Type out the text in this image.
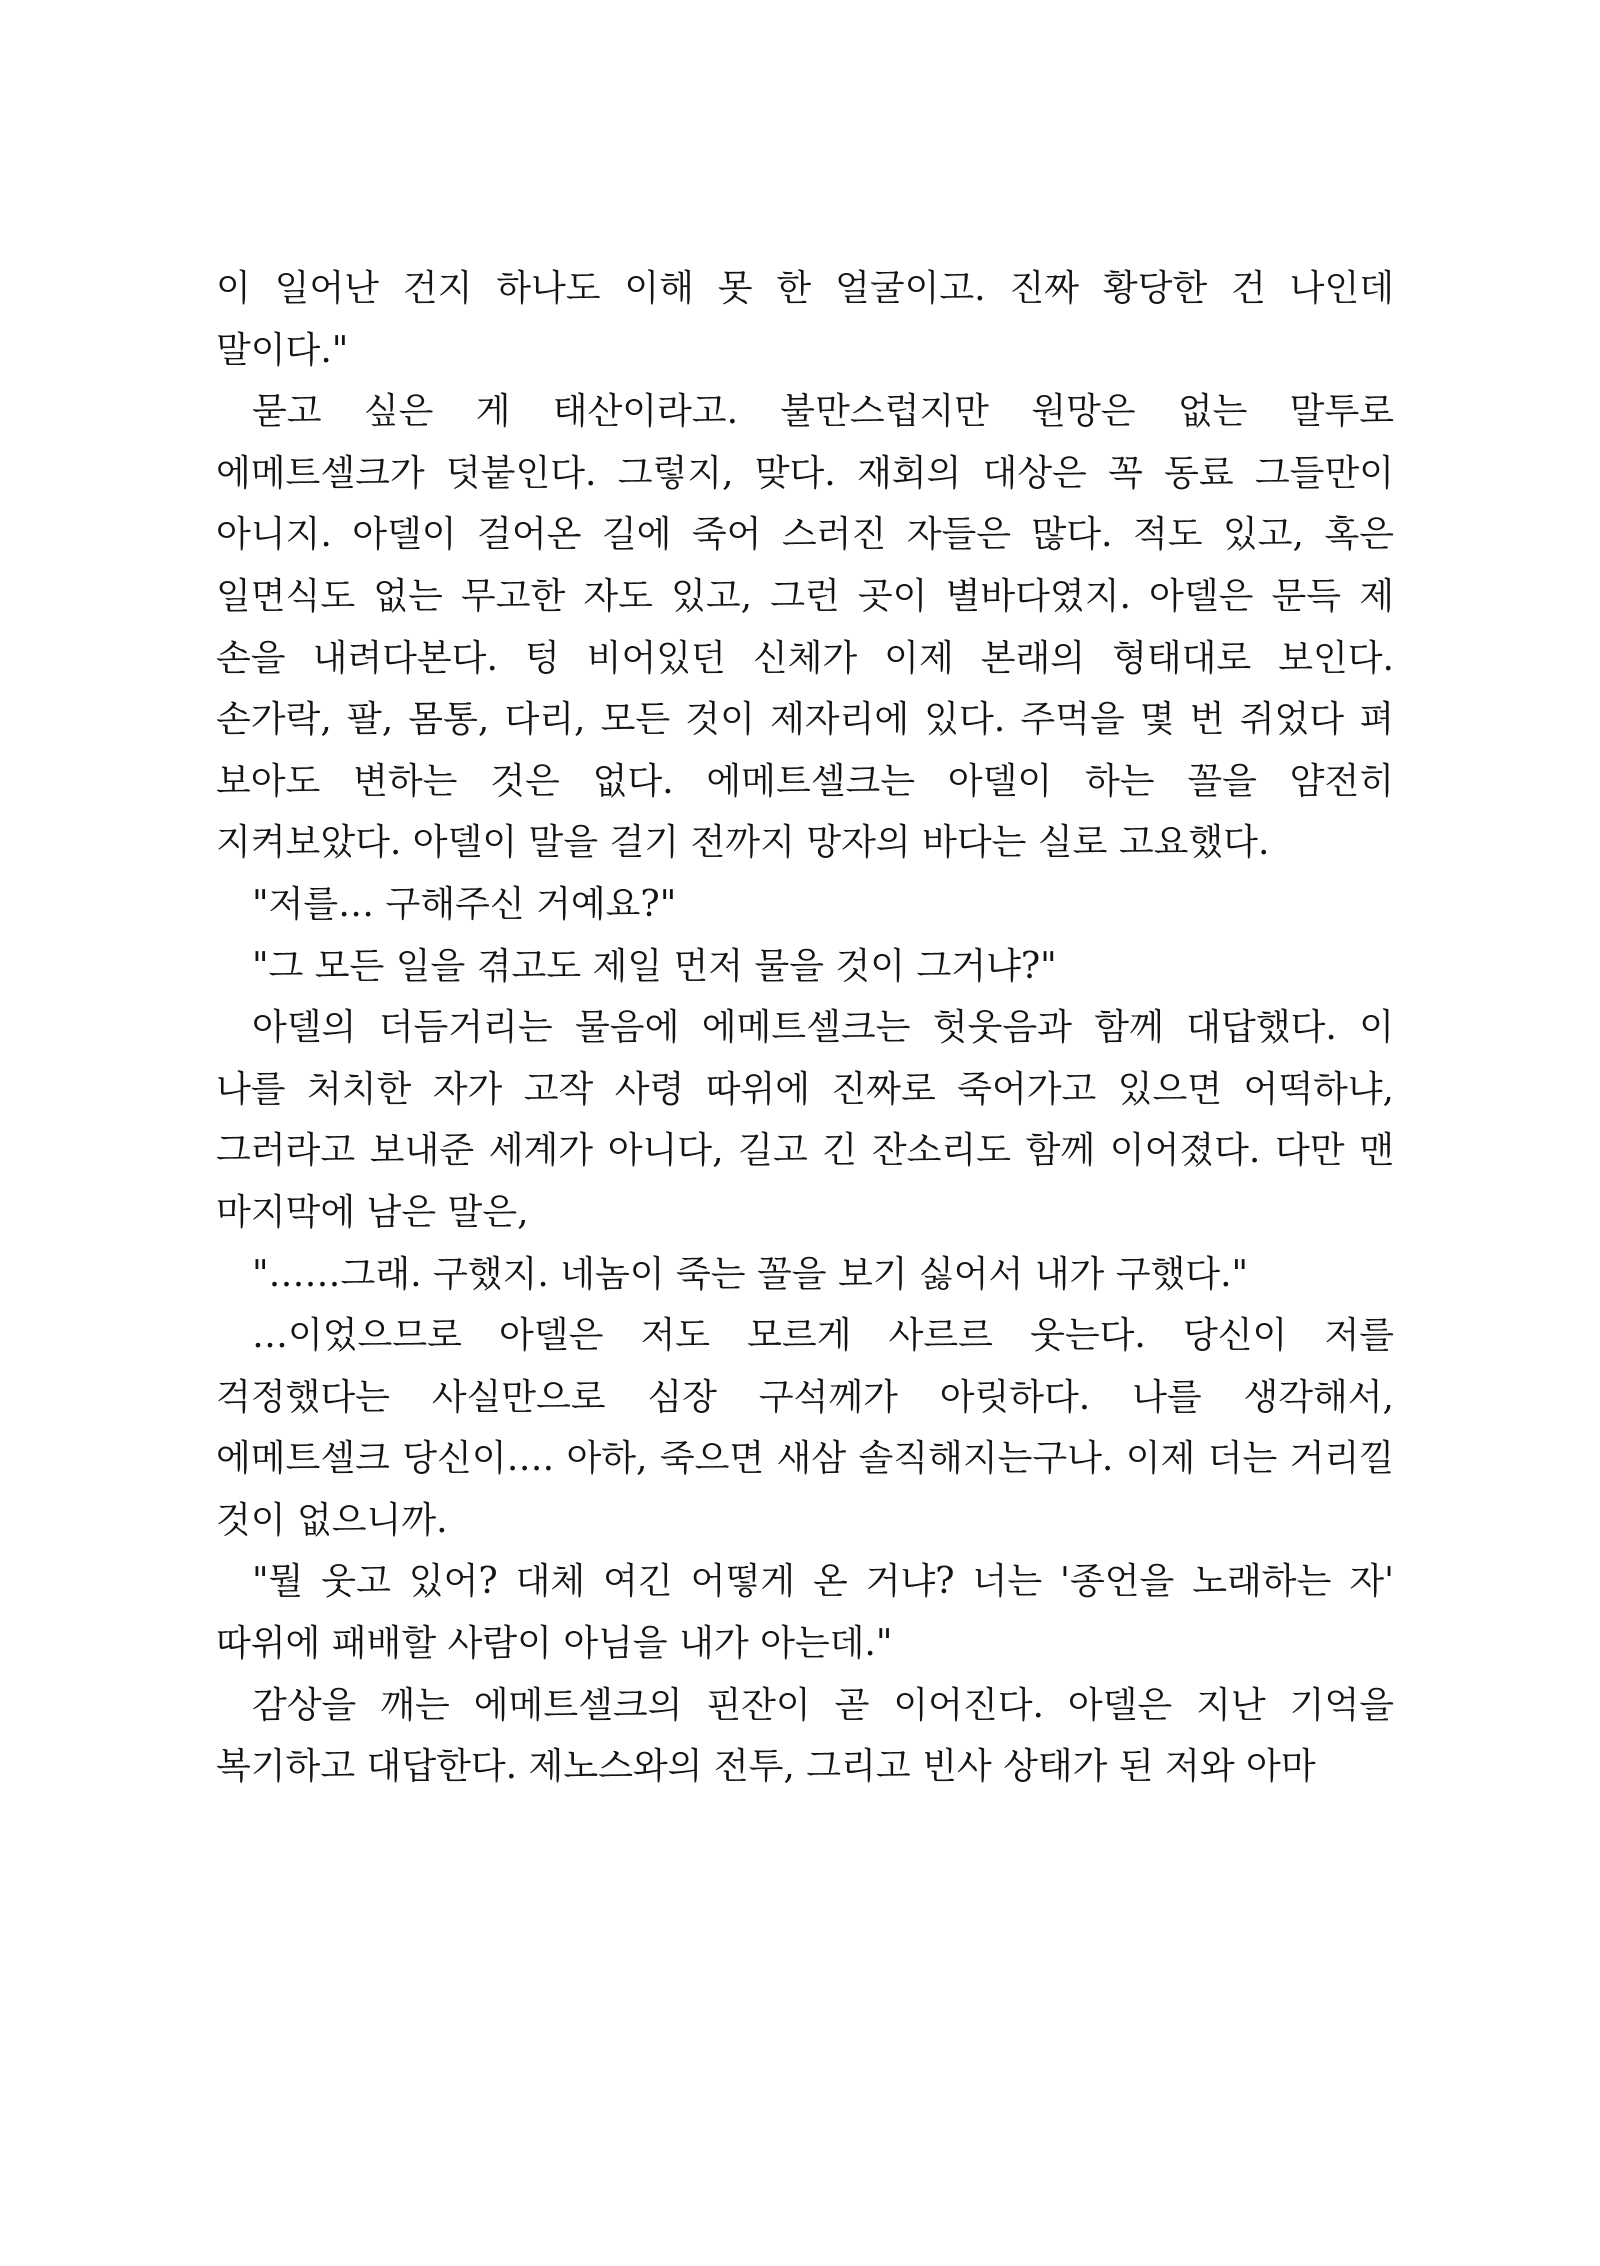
이 일어난 건지 하나도 이해 못 한 얼굴이고. 진짜 황당한 건 나인데 말이다."

묻고 싶은 게 태산이라고. 불만스럽지만 원망은 없는 말투로 에메트셀크가 덧붙인다. 그렇지, 맞다. 재회의 대상은 꼭 동료 그들만이 아니지. 아델이 걸어온 길에 죽어 스러진 자들은 많다. 적도 있고, 혹은 일면식도 없는 무고한 자도 있고, 그런 곳이 별바다였지. 아델은 문득 제 손을 내려다본다. 텅 비어있던 신체가 이제 본래의 형태대로 보인다. 손가락, 팔, 몸통, 다리, 모든 것이 제자리에 있다. 주먹을 몇 번 쥐었다 펴 보아도 변하는 것은 없다. 에메트셀크는 아델이 하는 꼴을 얌전히 지켜보았다. 아델이 말을 걸기 전까지 망자의 바다는 실로 고요했다.

"저를… 구해주신 거예요?"

"그 모든 일을 겪고도 제일 먼저 물을 것이 그거냐?"

아델의 더듬거리는 물음에 에메트셀크는 헛웃음과 함께 대답했다. 이 나를 처치한 자가 고작 사령 따위에 진짜로 죽어가고 있으면 어떡하냐, 그러라고 보내준 세계가 아니다, 길고 긴 잔소리도 함께 이어졌다. 다만 맨 마지막에 남은 말은,

"……그래. 구했지. 네놈이 죽는 꼴을 보기 싫어서 내가 구했다."

…이었으므로 아델은 저도 모르게 사르르 웃는다. 당신이 저를 걱정했다는 사실만으로 심장 구석께가 아릿하다. 나를 생각해서, 에메트셀크 당신이…. 아하, 죽으면 새삼 솔직해지는구나. 이제 더는 거리낄 것이 없으니까.

"뭘 웃고 있어? 대체 여긴 어떻게 온 거냐? 너는 '종언을 노래하는 자' 따위에 패배할 사람이 아님을 내가 아는데."

감상을 깨는 에메트셀크의 핀잔이 곧 이어진다. 아델은 지난 기억을 복기하고 대답한다. 제노스와의 전투, 그리고 빈사 상태가 된 저와 아마
